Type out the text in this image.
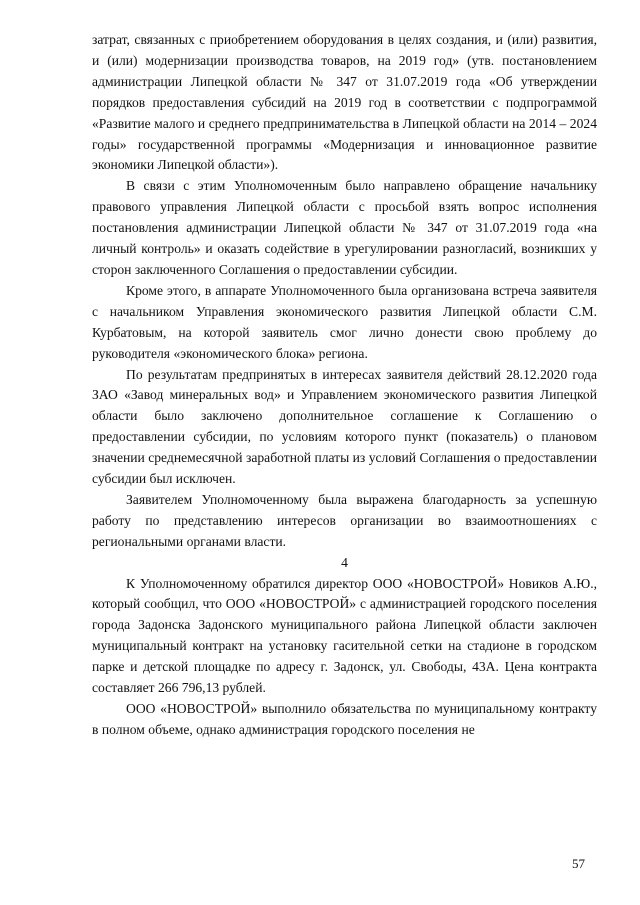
затрат, связанных с приобретением оборудования в целях создания, и (или) развития, и (или) модернизации производства товаров, на 2019 год» (утв. постановлением администрации Липецкой области № 347 от 31.07.2019 года «Об утверждении порядков предоставления субсидий на 2019 год в соответствии с подпрограммой «Развитие малого и среднего предпринимательства в Липецкой области на 2014 – 2024 годы» государственной программы «Модернизация и инновационное развитие экономики Липецкой области»).

В связи с этим Уполномоченным было направлено обращение начальнику правового управления Липецкой области с просьбой взять вопрос исполнения постановления администрации Липецкой области № 347 от 31.07.2019 года «на личный контроль» и оказать содействие в урегулировании разногласий, возникших у сторон заключенного Соглашения о предоставлении субсидии.

Кроме этого, в аппарате Уполномоченного была организована встреча заявителя с начальником Управления экономического развития Липецкой области С.М. Курбатовым, на которой заявитель смог лично донести свою проблему до руководителя «экономического блока» региона.

По результатам предпринятых в интересах заявителя действий 28.12.2020 года ЗАО «Завод минеральных вод» и Управлением экономического развития Липецкой области было заключено дополнительное соглашение к Соглашению о предоставлении субсидии, по условиям которого пункт (показатель) о плановом значении среднемесячной заработной платы из условий Соглашения о предоставлении субсидии был исключен.

Заявителем Уполномоченному была выражена благодарность за успешную работу по представлению интересов организации во взаимоотношениях с региональными органами власти.

4

К Уполномоченному обратился директор ООО «НОВОСТРОЙ» Новиков А.Ю., который сообщил, что ООО «НОВОСТРОЙ» с администрацией городского поселения города Задонска Задонского муниципального района Липецкой области заключен муниципальный контракт на установку гасительной сетки на стадионе в городском парке и детской площадке по адресу г. Задонск, ул. Свободы, 43А. Цена контракта составляет 266 796,13 рублей.

ООО «НОВОСТРОЙ» выполнило обязательства по муниципальному контракту в полном объеме, однако администрация городского поселения не

57
